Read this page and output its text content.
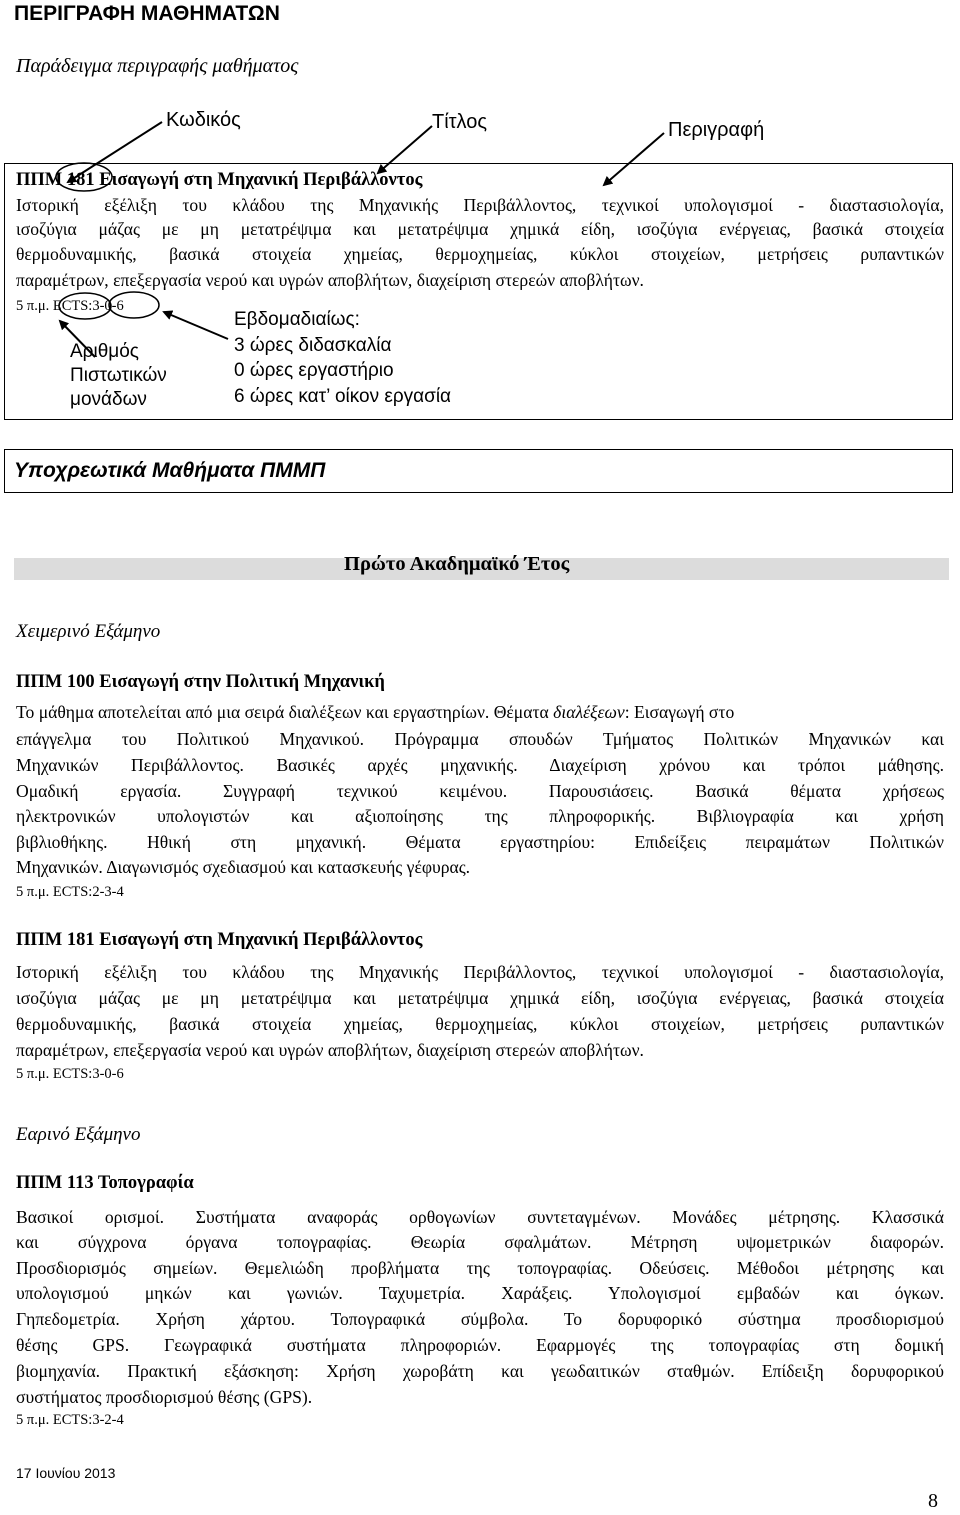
ΠΕΡΙΓΡΑΦΗ ΜΑΘΗΜΑΤΩΝ
Παράδειγμα περιγραφής μαθήματος
Κωδικός	Τίτλος	Περιγραφή
ΠΠΜ 181 Εισαγωγή στη Μηχανική Περιβάλλοντος
Ιστορική εξέλιξη του κλάδου της Μηχανικής Περιβάλλοντος, τεχνικοί υπολογισμοί - διαστασιολογία,
ισοζύγια μάζας με μη μετατρέψιμα και μετατρέψιμα χημικά είδη, ισοζύγια ενέργειας, βασικά στοιχεία
θερμοδυναμικής, βασικά στοιχεία χημείας, θερμοχημείας, κύκλοι στοιχείων, μετρήσεις ρυπαντικών
παραμέτρων, επεξεργασία νερού και υγρών αποβλήτων, διαχείριση στερεών αποβλήτων.
5 π.μ. ECTS:3-0-6
Εβδομαδιαίως:
3 ώρες διδασκαλία
0 ώρες εργαστήριο
6 ώρες κατ’ οίκον εργασία
Αριθμός
Πιστωτικών
μονάδων
Υποχρεωτικά Μαθήματα ΠΜΜΠ
Πρώτο Ακαδημαϊκό Έτος
Χειμερινό Εξάμηνο
ΠΠΜ 100 Εισαγωγή στην Πολιτική Μηχανική
Το μάθημα αποτελείται από μια σειρά διαλέξεων και εργαστηρίων. Θέματα διαλέξεων: Εισαγωγή στο
επάγγελμα του Πολιτικού Μηχανικού. Πρόγραμμα σπουδών Τμήματος Πολιτικών Μηχανικών και
Μηχανικών Περιβάλλοντος. Βασικές αρχές μηχανικής. Διαχείριση χρόνου και τρόποι μάθησης.
Ομαδική εργασία. Συγγραφή τεχνικού κειμένου. Παρουσιάσεις. Βασικά θέματα χρήσεως
ηλεκτρονικών υπολογιστών και αξιοποίησης της πληροφορικής. Βιβλιογραφία και χρήση
βιβλιοθήκης. Ηθική στη μηχανική. Θέματα εργαστηρίου: Επιδείξεις πειραμάτων Πολιτικών
Μηχανικών. Διαγωνισμός σχεδιασμού και κατασκευής γέφυρας.
5 π.μ. ECTS:2-3-4
ΠΠΜ 181 Εισαγωγή στη Μηχανική Περιβάλλοντος
Ιστορική εξέλιξη του κλάδου της Μηχανικής Περιβάλλοντος, τεχνικοί υπολογισμοί - διαστασιολογία,
ισοζύγια μάζας με μη μετατρέψιμα και μετατρέψιμα χημικά είδη, ισοζύγια ενέργειας, βασικά στοιχεία
θερμοδυναμικής, βασικά στοιχεία χημείας, θερμοχημείας, κύκλοι στοιχείων, μετρήσεις ρυπαντικών
παραμέτρων, επεξεργασία νερού και υγρών αποβλήτων, διαχείριση στερεών αποβλήτων.
5 π.μ. ECTS:3-0-6
Εαρινό Εξάμηνο
ΠΠΜ 113 Τοπογραφία
Βασικοί ορισμοί. Συστήματα αναφοράς ορθογωνίων συντεταγμένων. Μονάδες μέτρησης. Κλασσικά
και σύγχρονα όργανα τοπογραφίας. Θεωρία σφαλμάτων. Μέτρηση υψομετρικών διαφορών.
Προσδιορισμός σημείων. Θεμελιώδη προβλήματα της τοπογραφίας. Οδεύσεις. Μέθοδοι μέτρησης και
υπολογισμού μηκών και γωνιών. Ταχυμετρία. Χαράξεις. Υπολογισμοί εμβαδών και όγκων.
Γηπεδομετρία. Χρήση χάρτου. Τοπογραφικά σύμβολα. Το δορυφορικό σύστημα προσδιορισμού
θέσης GPS. Γεωγραφικά συστήματα πληροφοριών. Εφαρμογές της τοπογραφίας στη δομική
βιομηχανία. Πρακτική εξάσκηση: Χρήση χωροβάτη και γεωδαιτικών σταθμών. Επίδειξη δορυφορικού
συστήματος προσδιορισμού θέσης (GPS).
5 π.μ. ECTS:3-2-4
17 Ιουνίου 2013
8
